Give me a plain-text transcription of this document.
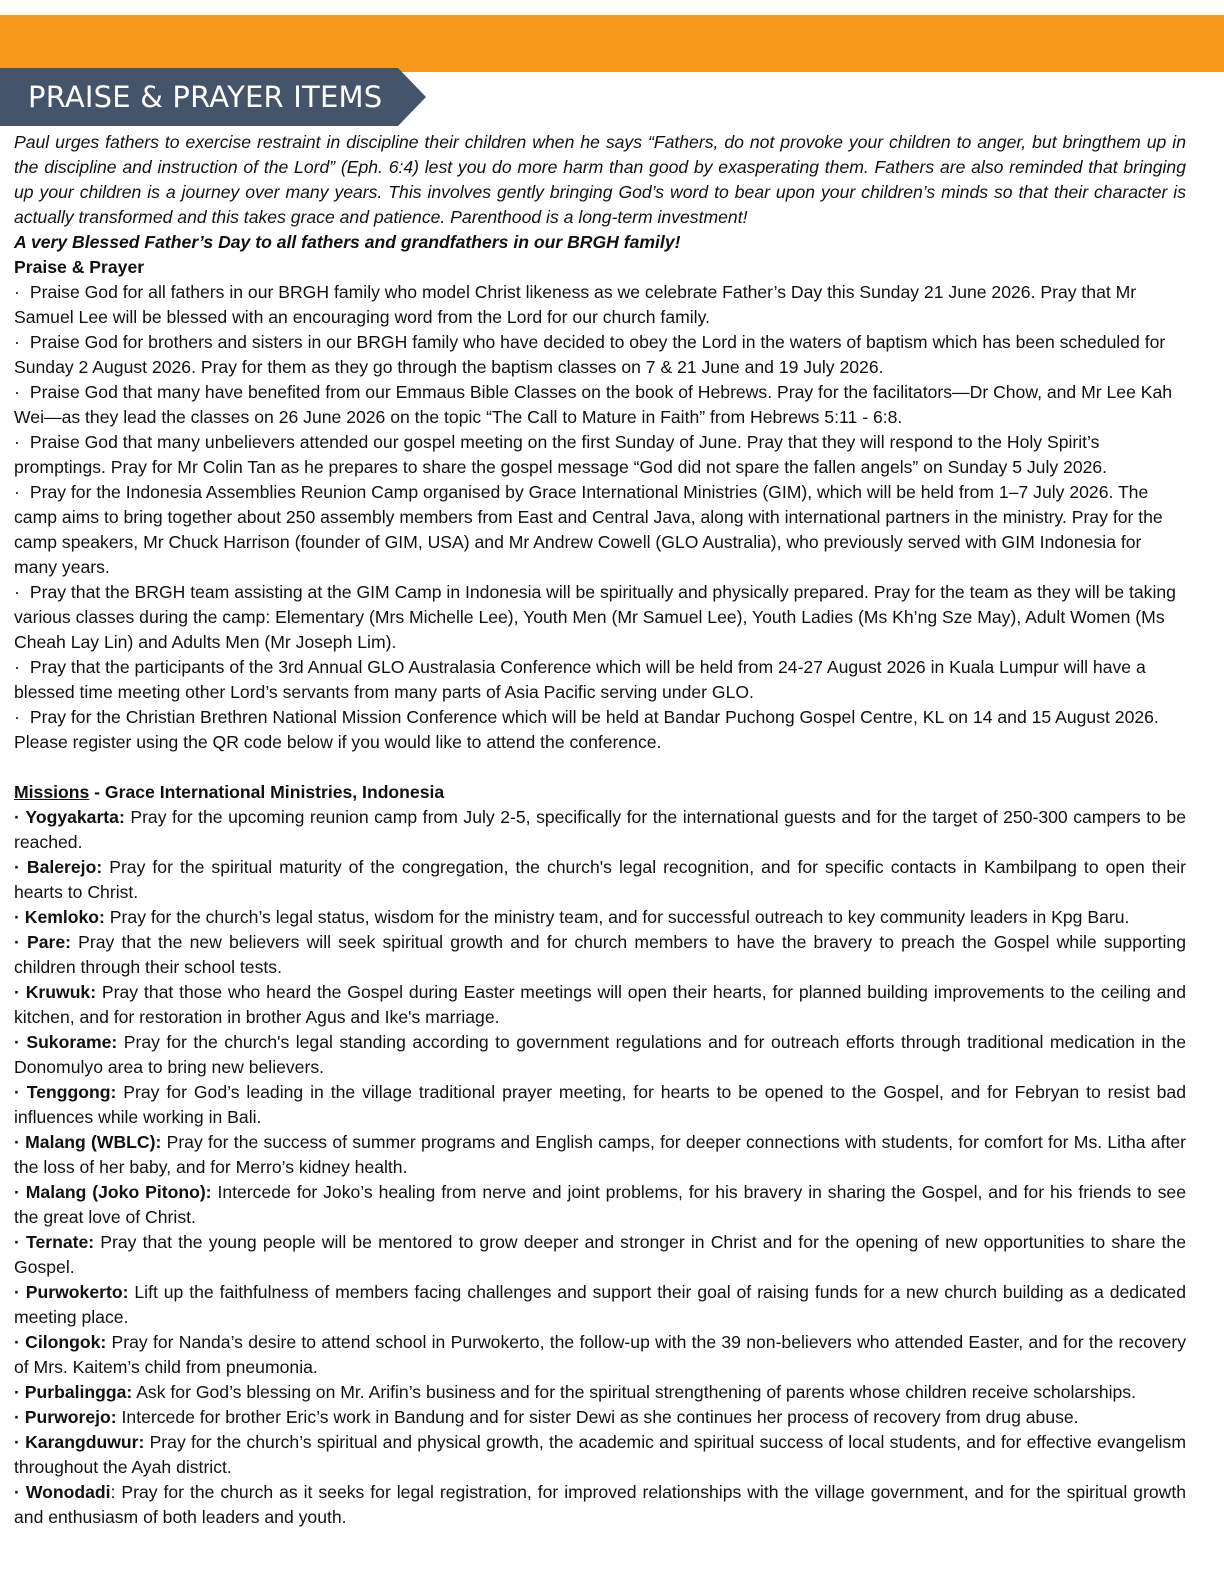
PRAISE & PRAYER ITEMS

Paul urges fathers to exercise restraint in discipline their children when he says “Fathers, do not provoke your children to anger, but bringthem up in the discipline and instruction of the Lord” (Eph. 6:4) lest you do more harm than good by exasperating them. Fathers are also reminded that bringing up your children is a journey over many years. This involves gently bringing God’s word to bear upon your children’s minds so that their character is actually transformed and this takes grace and patience. Parenthood is a long-term investment!

A very Blessed Father’s Day to all fathers and grandfathers in our BRGH family!

Praise & Prayer

· Praise God for all fathers in our BRGH family who model Christ likeness as we celebrate Father’s Day this Sunday 21 June 2026. Pray that Mr Samuel Lee will be blessed with an encouraging word from the Lord for our church family.

· Praise God for brothers and sisters in our BRGH family who have decided to obey the Lord in the waters of baptism which has been scheduled for Sunday 2 August 2026. Pray for them as they go through the baptism classes on 7 & 21 June and 19 July 2026.

· Praise God that many have benefited from our Emmaus Bible Classes on the book of Hebrews. Pray for the facilitators—Dr Chow, and Mr Lee Kah Wei—as they lead the classes on 26 June 2026 on the topic “The Call to Mature in Faith” from Hebrews 5:11 - 6:8.

· Praise God that many unbelievers attended our gospel meeting on the first Sunday of June. Pray that they will respond to the Holy Spirit’s promptings. Pray for Mr Colin Tan as he prepares to share the gospel message “God did not spare the fallen angels” on Sunday 5 July 2026.

· Pray for the Indonesia Assemblies Reunion Camp organised by Grace International Ministries (GIM), which will be held from 1–7 July 2026. The camp aims to bring together about 250 assembly members from East and Central Java, along with international partners in the ministry. Pray for the camp speakers, Mr Chuck Harrison (founder of GIM, USA) and Mr Andrew Cowell (GLO Australia), who previously served with GIM Indonesia for many years.

· Pray that the BRGH team assisting at the GIM Camp in Indonesia will be spiritually and physically prepared. Pray for the team as they will be taking various classes during the camp: Elementary (Mrs Michelle Lee), Youth Men (Mr Samuel Lee), Youth Ladies (Ms Kh’ng Sze May), Adult Women (Ms Cheah Lay Lin) and Adults Men (Mr Joseph Lim).

· Pray that the participants of the 3rd Annual GLO Australasia Conference which will be held from 24-27 August 2026 in Kuala Lumpur will have a blessed time meeting other Lord’s servants from many parts of Asia Pacific serving under GLO.

· Pray for the Christian Brethren National Mission Conference which will be held at Bandar Puchong Gospel Centre, KL on 14 and 15 August 2026. Please register using the QR code below if you would like to attend the conference.

Missions - Grace International Ministries, Indonesia

· Yogyakarta: Pray for the upcoming reunion camp from July 2-5, specifically for the international guests and for the target of 250-300 campers to be reached.

· Balerejo: Pray for the spiritual maturity of the congregation, the church's legal recognition, and for specific contacts in Kambilpang to open their hearts to Christ.

· Kemloko: Pray for the church’s legal status, wisdom for the ministry team, and for successful outreach to key community leaders in Kpg Baru.

· Pare: Pray that the new believers will seek spiritual growth and for church members to have the bravery to preach the Gospel while supporting children through their school tests.

· Kruwuk: Pray that those who heard the Gospel during Easter meetings will open their hearts, for planned building improvements to the ceiling and kitchen, and for restoration in brother Agus and Ike's marriage.

· Sukorame: Pray for the church's legal standing according to government regulations and for outreach efforts through traditional medication in the Donomulyo area to bring new believers.

· Tenggong: Pray for God’s leading in the village traditional prayer meeting, for hearts to be opened to the Gospel, and for Febryan to resist bad influences while working in Bali.

· Malang (WBLC): Pray for the success of summer programs and English camps, for deeper connections with students, for comfort for Ms. Litha after the loss of her baby, and for Merro’s kidney health.

· Malang (Joko Pitono): Intercede for Joko’s healing from nerve and joint problems, for his bravery in sharing the Gospel, and for his friends to see the great love of Christ.

· Ternate: Pray that the young people will be mentored to grow deeper and stronger in Christ and for the opening of new opportunities to share the Gospel.

· Purwokerto: Lift up the faithfulness of members facing challenges and support their goal of raising funds for a new church building as a dedicated meeting place.

· Cilongok: Pray for Nanda’s desire to attend school in Purwokerto, the follow-up with the 39 non-believers who attended Easter, and for the recovery of Mrs. Kaitem’s child from pneumonia.

· Purbalingga: Ask for God’s blessing on Mr. Arifin’s business and for the spiritual strengthening of parents whose children receive scholarships.

· Purworejo: Intercede for brother Eric’s work in Bandung and for sister Dewi as she continues her process of recovery from drug abuse.

· Karangduwur: Pray for the church’s spiritual and physical growth, the academic and spiritual success of local students, and for effective evangelism throughout the Ayah district.

· Wonodadi: Pray for the church as it seeks for legal registration, for improved relationships with the village government, and for the spiritual growth and enthusiasm of both leaders and youth.
